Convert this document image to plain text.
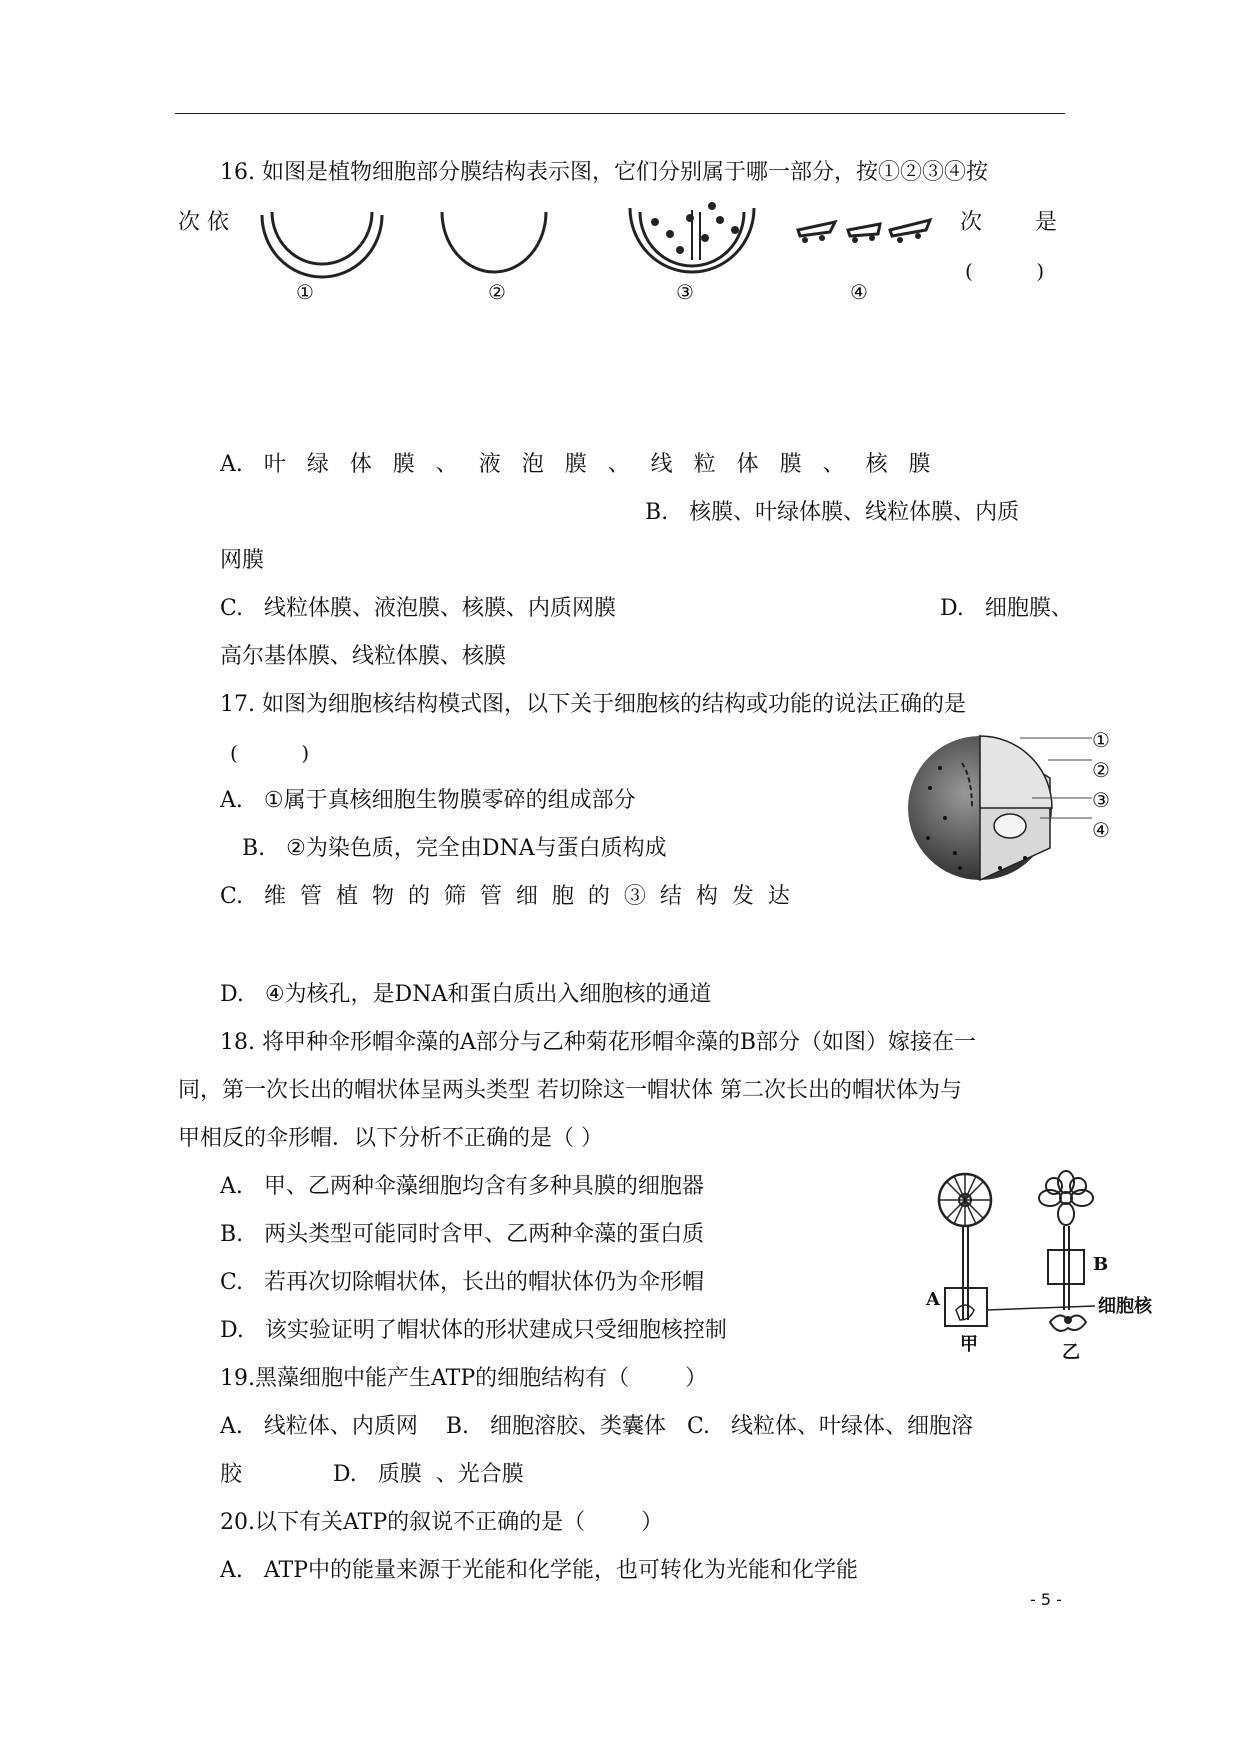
16. 如图是植物细胞部分膜结构表示图，它们分别属于哪一部分，按①②③④按
次 依	次 是
(          )
①	②	③	④
A.   叶   绿   体   膜   、   液   泡   膜   、   线   粒   体   膜   、   核   膜
B.   核膜、叶绿体膜、线粒体膜、内质
网膜
C.   线粒体膜、液泡膜、核膜、内质网膜	D.   细胞膜、
高尔基体膜、线粒体膜、核膜
17. 如图为细胞核结构模式图，以下关于细胞核的结构或功能的说法正确的是
(          )
A.   ①属于真核细胞生物膜零碎的组成部分
B.   ②为染色质，完全由DNA与蛋白质构成
C.   维  管  植  物  的  筛  管  细  胞  的  ③  结  构  发  达
D.   ④为核孔，是DNA和蛋白质出入细胞核的通道
①
②
③
④
18. 将甲种伞形帽伞藻的A部分与乙种菊花形帽伞藻的B部分（如图）嫁接在一
同，第一次长出的帽状体呈两头类型 若切除这一帽状体 第二次长出的帽状体为与
甲相反的伞形帽．以下分析不正确的是（ ）
A.   甲、乙两种伞藻细胞均含有多种具膜的细胞器
B.   两头类型可能同时含甲、乙两种伞藻的蛋白质
C.   若再次切除帽状体，长出的帽状体仍为伞形帽
D.   该实验证明了帽状体的形状建成只受细胞核控制
A
B
细胞核
甲	乙
19.黑藻细胞中能产生ATP的细胞结构有（        ）
A.   线粒体、内质网    B.   细胞溶胶、类囊体   C.   线粒体、叶绿体、细胞溶
胶             D.   质膜  、光合膜
20.以下有关ATP的叙说不正确的是（        ）
A.   ATP中的能量来源于光能和化学能，也可转化为光能和化学能
- 5 -
